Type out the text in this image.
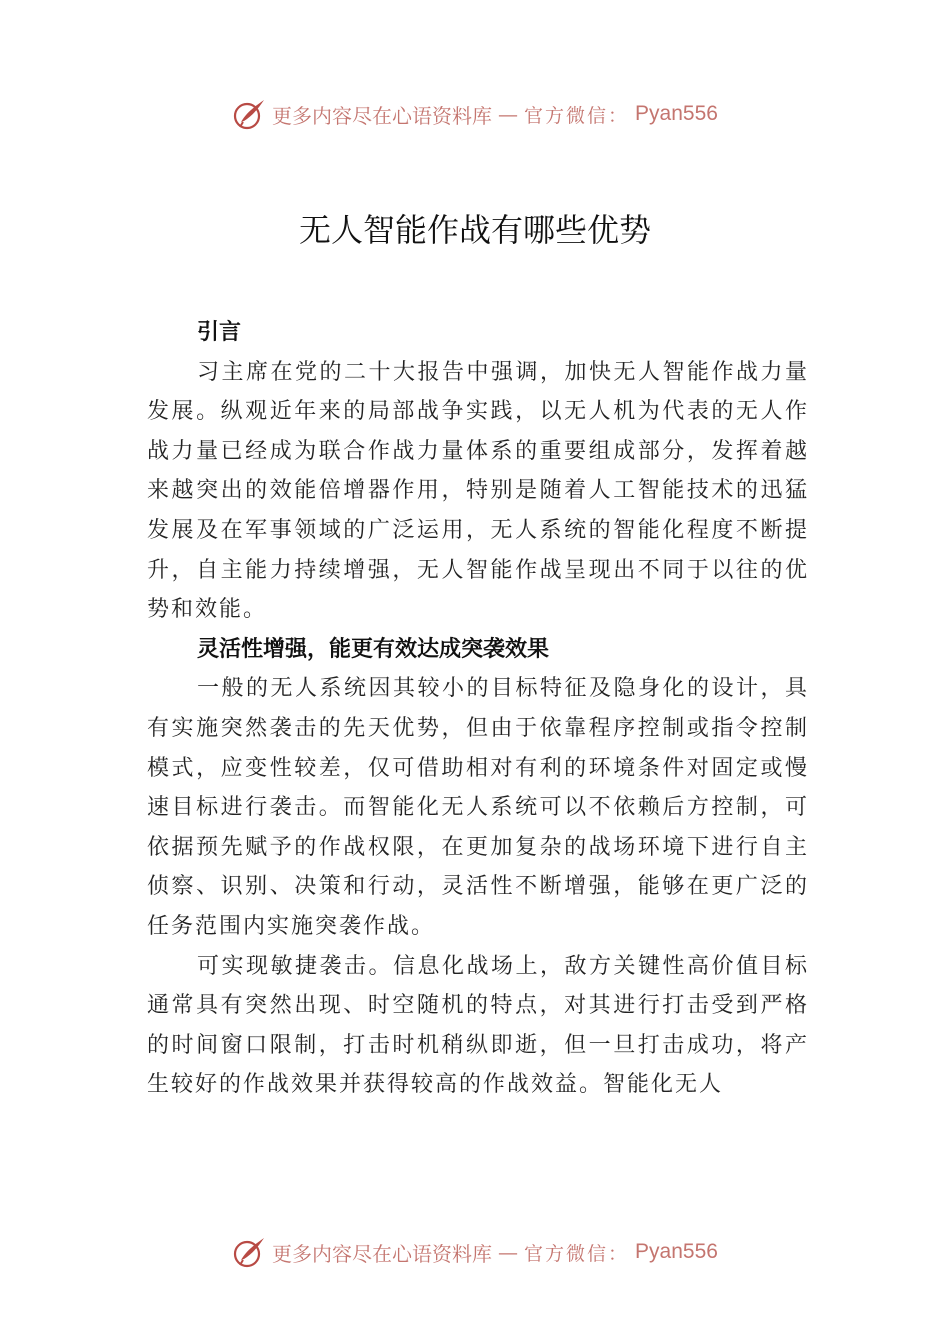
更多内容尽在心语资料库 — 官方微信： Pyan556
无人智能作战有哪些优势

引言

习主席在党的二十大报告中强调，加快无人智能作战力量发展。纵观近年来的局部战争实践，以无人机为代表的无人作战力量已经成为联合作战力量体系的重要组成部分，发挥着越来越突出的效能倍增器作用，特别是随着人工智能技术的迅猛发展及在军事领域的广泛运用，无人系统的智能化程度不断提升，自主能力持续增强，无人智能作战呈现出不同于以往的优势和效能。

灵活性增强，能更有效达成突袭效果

一般的无人系统因其较小的目标特征及隐身化的设计，具有实施突然袭击的先天优势，但由于依靠程序控制或指令控制模式，应变性较差，仅可借助相对有利的环境条件对固定或慢速目标进行袭击。而智能化无人系统可以不依赖后方控制，可依据预先赋予的作战权限，在更加复杂的战场环境下进行自主侦察、识别、决策和行动，灵活性不断增强，能够在更广泛的任务范围内实施突袭作战。

可实现敏捷袭击。信息化战场上，敌方关键性高价值目标通常具有突然出现、时空随机的特点，对其进行打击受到严格的时间窗口限制，打击时机稍纵即逝，但一旦打击成功，将产生较好的作战效果并获得较高的作战效益。智能化无人

更多内容尽在心语资料库 — 官方微信： Pyan556
